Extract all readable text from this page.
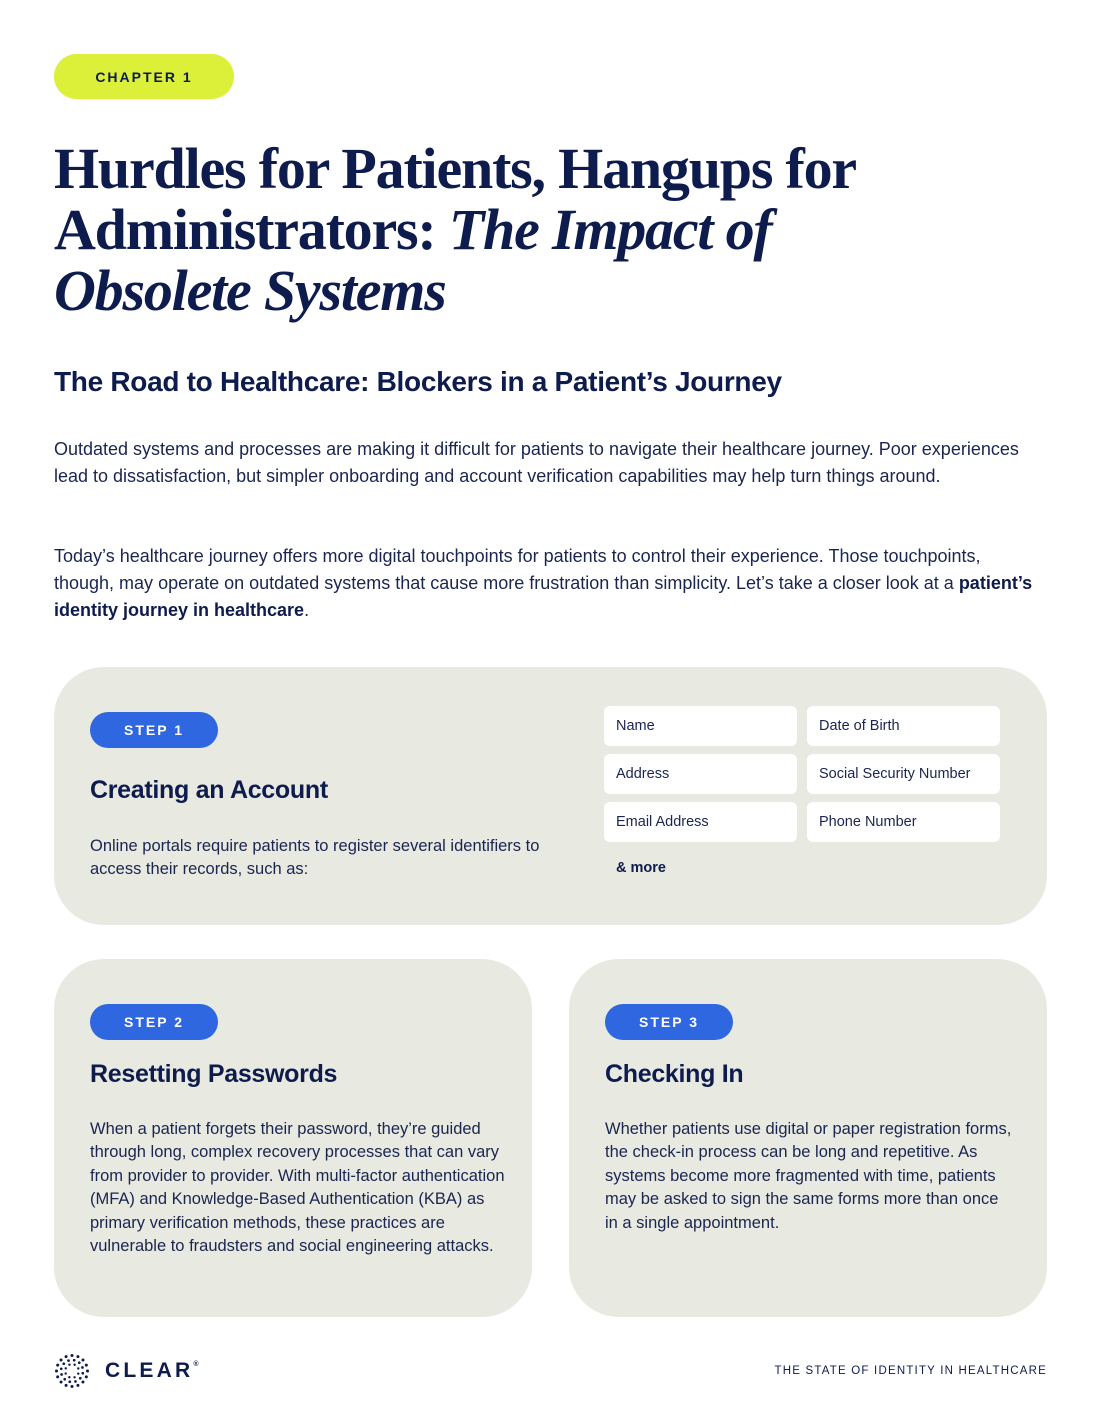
CHAPTER 1
Hurdles for Patients, Hangups for
Administrators: The Impact of
Obsolete Systems
The Road to Healthcare: Blockers in a Patient’s Journey

Outdated systems and processes are making it difficult for patients to navigate their healthcare journey. Poor experiences lead to dissatisfaction, but simpler onboarding and account verification capabilities may help turn things around.

Today’s healthcare journey offers more digital touchpoints for patients to control their experience. Those touchpoints, though, may operate on outdated systems that cause more frustration than simplicity. Let’s take a closer look at a patient’s identity journey in healthcare.

STEP 1
Creating an Account
Online portals require patients to register several identifiers to access their records, such as:
Name	Date of Birth
Address	Social Security Number
Email Address	Phone Number
& more
STEP 2
Resetting Passwords
When a patient forgets their password, they’re guided through long, complex recovery processes that can vary from provider to provider. With multi-factor authentication (MFA) and Knowledge-Based Authentication (KBA) as primary verification methods, these practices are vulnerable to fraudsters and social engineering attacks.
STEP 3
Checking In
Whether patients use digital or paper registration forms, the check-in process can be long and repetitive. As systems become more fragmented with time, patients may be asked to sign the same forms more than once in a single appointment.
CLEAR®
THE STATE OF IDENTITY IN HEALTHCARE
